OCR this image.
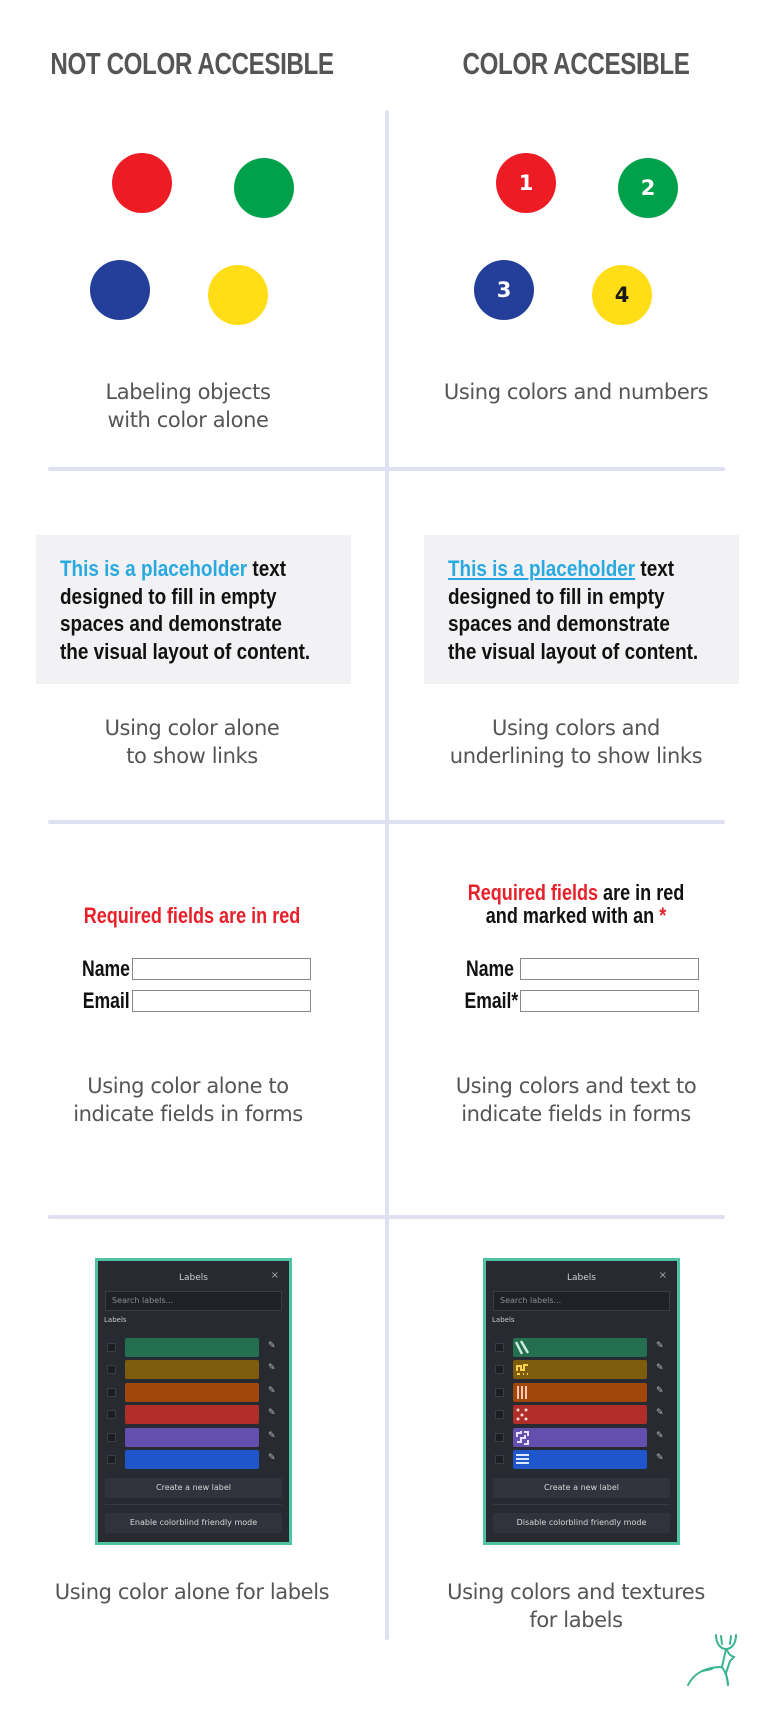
NOT COLOR ACCESIBLE	COLOR ACCESIBLE
Labeling objects
with color alone
1	2
3	4
Using colors and numbers
This is a placeholder text
designed to fill in empty
spaces and demonstrate
the visual layout of content.
Using color alone
to show links
This is a placeholder text
designed to fill in empty
spaces and demonstrate
the visual layout of content.
Using colors and
underlining to show links
Required fields are in red
Name
Email
Using color alone to
indicate fields in forms
Required fields are in red
and marked with an *
Name
Email*
Using colors and text to
indicate fields in forms
Labels	×
Search labels...
Labels
✎
✎
✎
✎
✎
✎
Create a new label
Enable colorblind friendly mode
Using color alone for labels
Labels	×
Search labels...
Labels
✎
✎
✎
✎
✎
✎
Create a new label
Disable colorblind friendly mode
Using colors and textures
for labels
